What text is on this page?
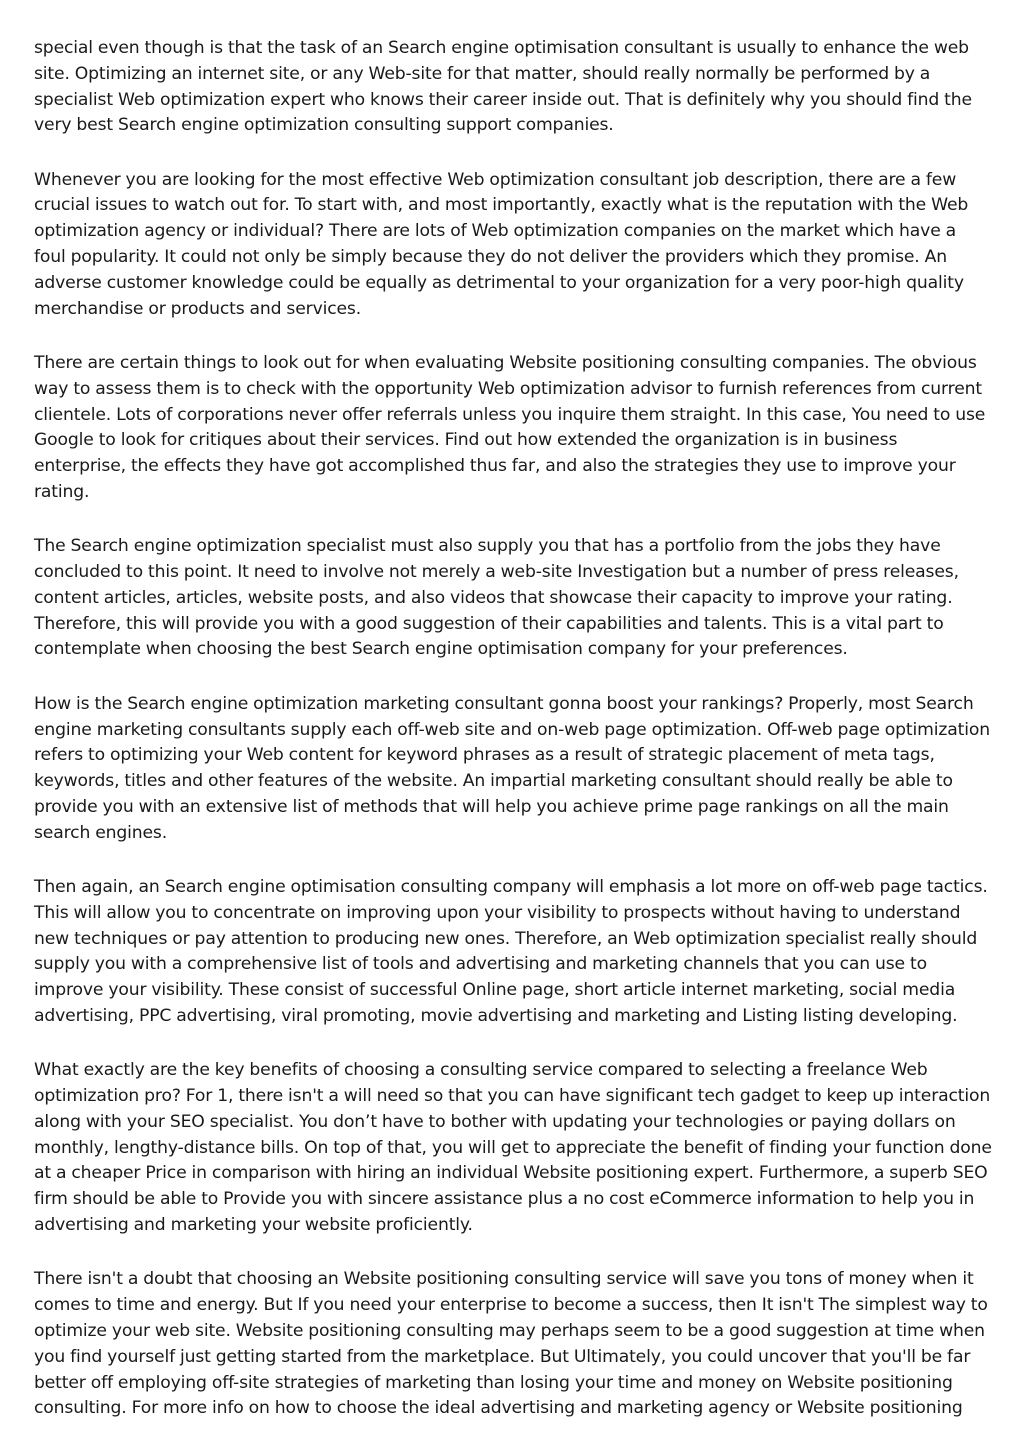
special even though is that the task of an Search engine optimisation consultant is usually to enhance the web site. Optimizing an internet site, or any Web-site for that matter, should really normally be performed by a specialist Web optimization expert who knows their career inside out. That is definitely why you should find the very best Search engine optimization consulting support companies.

Whenever you are looking for the most effective Web optimization consultant job description, there are a few crucial issues to watch out for. To start with, and most importantly, exactly what is the reputation with the Web optimization agency or individual? There are lots of Web optimization companies on the market which have a foul popularity. It could not only be simply because they do not deliver the providers which they promise. An adverse customer knowledge could be equally as detrimental to your organization for a very poor-high quality merchandise or products and services.

There are certain things to look out for when evaluating Website positioning consulting companies. The obvious way to assess them is to check with the opportunity Web optimization advisor to furnish references from current clientele. Lots of corporations never offer referrals unless you inquire them straight. In this case, You need to use Google to look for critiques about their services. Find out how extended the organization is in business enterprise, the effects they have got accomplished thus far, and also the strategies they use to improve your rating.

The Search engine optimization specialist must also supply you that has a portfolio from the jobs they have concluded to this point. It need to involve not merely a web-site Investigation but a number of press releases, content articles, articles, website posts, and also videos that showcase their capacity to improve your rating. Therefore, this will provide you with a good suggestion of their capabilities and talents. This is a vital part to contemplate when choosing the best Search engine optimisation company for your preferences.

How is the Search engine optimization marketing consultant gonna boost your rankings? Properly, most Search engine marketing consultants supply each off-web site and on-web page optimization. Off-web page optimization refers to optimizing your Web content for keyword phrases as a result of strategic placement of meta tags, keywords, titles and other features of the website. An impartial marketing consultant should really be able to provide you with an extensive list of methods that will help you achieve prime page rankings on all the main search engines.

Then again, an Search engine optimisation consulting company will emphasis a lot more on off-web page tactics. This will allow you to concentrate on improving upon your visibility to prospects without having to understand new techniques or pay attention to producing new ones. Therefore, an Web optimization specialist really should supply you with a comprehensive list of tools and advertising and marketing channels that you can use to improve your visibility. These consist of successful Online page, short article internet marketing, social media advertising, PPC advertising, viral promoting, movie advertising and marketing and Listing listing developing.

What exactly are the key benefits of choosing a consulting service compared to selecting a freelance Web optimization pro? For 1, there isn't a will need so that you can have significant tech gadget to keep up interaction along with your SEO specialist. You don’t have to bother with updating your technologies or paying dollars on monthly, lengthy-distance bills. On top of that, you will get to appreciate the benefit of finding your function done at a cheaper Price in comparison with hiring an individual Website positioning expert. Furthermore, a superb SEO firm should be able to Provide you with sincere assistance plus a no cost eCommerce information to help you in advertising and marketing your website proficiently.

There isn't a doubt that choosing an Website positioning consulting service will save you tons of money when it comes to time and energy. But If you need your enterprise to become a success, then It isn't The simplest way to optimize your web site. Website positioning consulting may perhaps seem to be a good suggestion at time when you find yourself just getting started from the marketplace. But Ultimately, you could uncover that you'll be far better off employing off-site strategies of marketing than losing your time and money on Website positioning consulting. For more info on how to choose the ideal advertising and marketing agency or Website positioning
